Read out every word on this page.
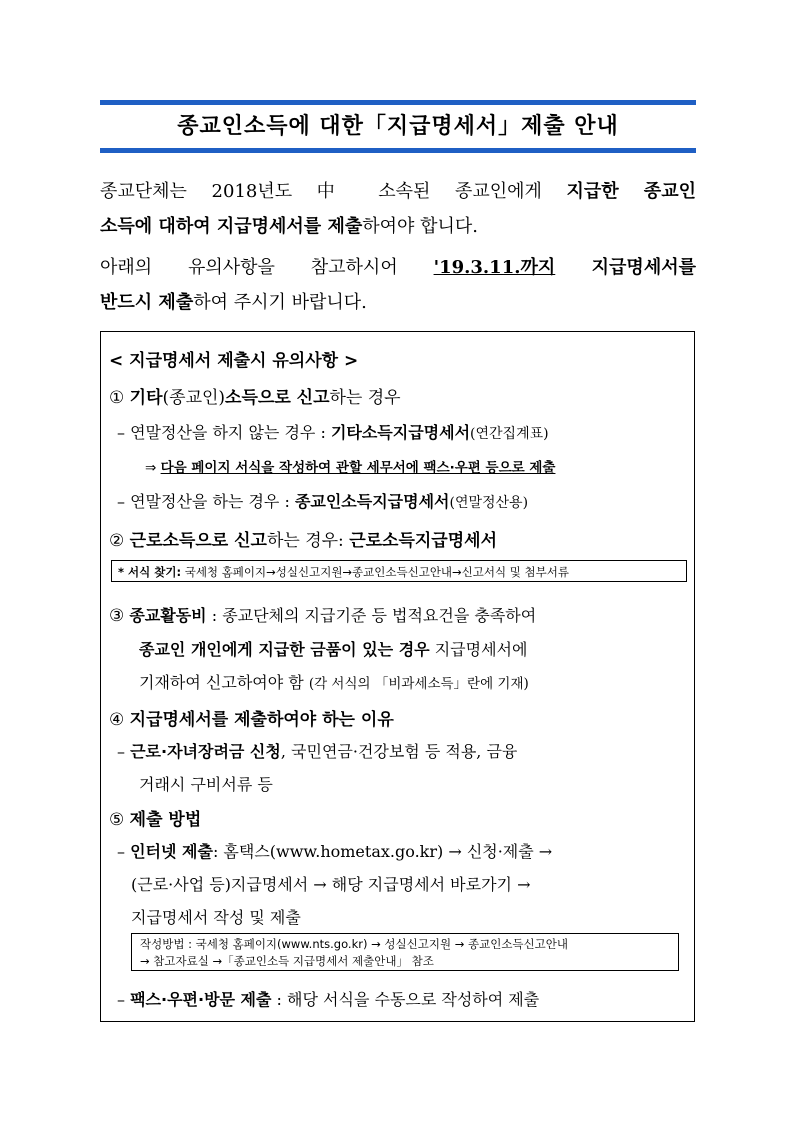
종교인소득에 대한「지급명세서」제출 안내
종교단체는 2018년도 中 소속된 종교인에게 지급한 종교인
소득에 대하여 지급명세서를 제출하여야 합니다.
아래의 유의사항을 참고하시어 '19.3.11.까지 지급명세서를
반드시 제출하여 주시기 바랍니다.
< 지급명세서 제출시 유의사항 >
① 기타(종교인)소득으로 신고하는 경우
– 연말정산을 하지 않는 경우 : 기타소득지급명세서(연간집계표)
⇒ 다음 페이지 서식을 작성하여 관할 세무서에 팩스·우편 등으로 제출
– 연말정산을 하는 경우 : 종교인소득지급명세서(연말정산용)
② 근로소득으로 신고하는 경우: 근로소득지급명세서
* 서식 찾기: 국세청 홈페이지→성실신고지원→종교인소득신고안내→신고서식 및 첨부서류
③ 종교활동비 : 종교단체의 지급기준 등 법적요건을 충족하여
종교인 개인에게 지급한 금품이 있는 경우 지급명세서에
기재하여 신고하여야 함 (각 서식의 「비과세소득」란에 기재)
④ 지급명세서를 제출하여야 하는 이유
– 근로·자녀장려금 신청, 국민연금·건강보험 등 적용, 금융
거래시 구비서류 등
⑤ 제출 방법
– 인터넷 제출: 홈택스(www.hometax.go.kr) → 신청·제출 →
(근로·사업 등)지급명세서 → 해당 지급명세서 바로가기 →
지급명세서 작성 및 제출
작성방법 : 국세청 홈페이지(www.nts.go.kr) → 성실신고지원 → 종교인소득신고안내
→ 참고자료실 →「종교인소득 지급명세서 제출안내」 참조
– 팩스·우편·방문 제출 : 해당 서식을 수동으로 작성하여 제출
